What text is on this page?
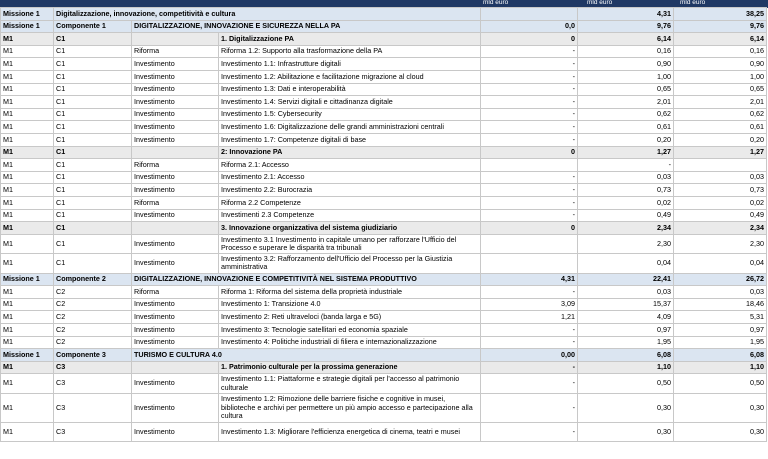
mld euro	mld euro	mld euro
Missione 1	Digitalizzazione, innovazione, competitività e cultura				4,31	38,25	
Missione 1	Componente 1	DIGITALIZZAZIONE, INNOVAZIONE E SICUREZZA NELLA PA		0,0	9,76	9,76	
M1	C1		1. Digitalizzazione PA	0	6,14	6,14	
M1	C1	Riforma	Riforma 1.2: Supporto alla trasformazione della PA	-	0,16	0,16	
M1	C1	Investimento	Investimento 1.1: Infrastrutture digitali	-	0,90	0,90	
M1	C1	Investimento	Investimento 1.2: Abilitazione e facilitazione migrazione al cloud	-	1,00	1,00	
M1	C1	Investimento	Investimento 1.3: Dati e interoperabilità	-	0,65	0,65	
M1	C1	Investimento	Investimento 1.4: Servizi digitali e cittadinanza digitale	-	2,01	2,01	
M1	C1	Investimento	Investimento 1.5: Cybersecurity	-	0,62	0,62	
M1	C1	Investimento	Investimento 1.6: Digitalizzazione delle grandi amministrazioni centrali	-	0,61	0,61	
M1	C1	Investimento	Investimento 1.7: Competenze digitali di base	-	0,20	0,20	
M1	C1		2: Innovazione PA	0	1,27	1,27	
M1	C1	Riforma	Riforma 2.1: Accesso		-		
M1	C1	Investimento	Investimento 2.1: Accesso	-	0,03	0,03	
M1	C1	Investimento	Investimento 2.2: Burocrazia	-	0,73	0,73	
M1	C1	Riforma	Riforma 2.2 Competenze	-	0,02	0,02	
M1	C1	Investimento	Investimenti 2.3 Competenze	-	0,49	0,49	
M1	C1		3. Innovazione organizzativa del sistema giudiziario	0	2,34	2,34	
M1	C1	Investimento	Investimento 3.1 Investimento in capitale umano per rafforzare l'Ufficio del Processo e superare le disparità tra tribunali		2,30	2,30	
M1	C1	Investimento	Investimento 3.2: Rafforzamento dell'Ufficio del Processo per la Giustizia amministrativa		0,04	0,04	
Missione 1	Componente 2	DIGITALIZZAZIONE, INNOVAZIONE E COMPETITIVITÀ NEL SISTEMA PRODUTTIVO		4,31	22,41	26,72	
M1	C2	Riforma	Riforma 1: Riforma del sistema della proprietà industriale	-	0,03	0,03	
M1	C2	Investimento	Investimento 1: Transizione 4.0	3,09	15,37	18,46	
M1	C2	Investimento	Investimento 2: Reti ultraveloci (banda larga e 5G)	1,21	4,09	5,31	
M1	C2	Investimento	Investimento 3: Tecnologie satellitari ed economia spaziale	-	0,97	0,97	
M1	C2	Investimento	Investimento 4: Politiche industriali di filiera e internazionalizzazione	-	1,95	1,95	
Missione 1	Componente 3	TURISMO E CULTURA 4.0		0,00	6,08	6,08	
M1	C3		1. Patrimonio culturale per la prossima generazione	-	1,10	1,10	
M1	C3	Investimento	Investimento 1.1: Piattaforme e strategie digitali per l'accesso al patrimonio culturale	-	0,50	0,50	
M1	C3	Investimento	Investimento 1.2: Rimozione delle barriere fisiche e cognitive in musei, biblioteche e archivi per permettere un più ampio accesso e partecipazione alla cultura	-	0,30	0,30	
M1	C3	Investimento	Investimento 1.3: Migliorare l'efficienza energetica di cinema, teatri e musei	-	0,30	0,30	
